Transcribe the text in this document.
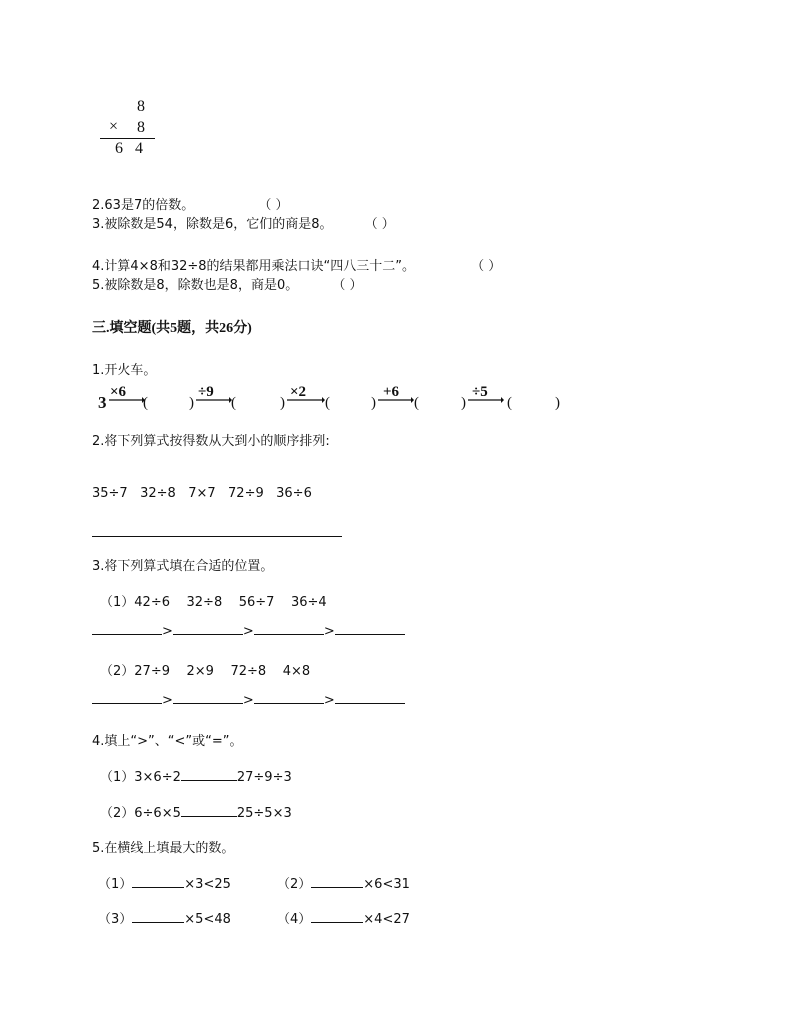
8
× 8
6 4
2.63是7的倍数。	（ ）
3.被除数是54，除数是6，它们的商是8。 （ ）
4.计算4×8和32÷8的结果都用乘法口诀“四八三十二”。	（ ）
5.被除数是8，除数也是8，商是0。	（ ）
三.填空题(共5题，共26分)
1.开火车。
3
×6
(	)
÷9
(	)
×2
(	)
+6
(	)
÷5
(	)
2.将下列算式按得数从大到小的顺序排列:
35÷7   32÷8   7×7   72÷9   36÷6
3.将下列算式填在合适的位置。
（1）42÷6    32÷8    56÷7    36÷4
>	>	>
（2）27÷9    2×9    72÷8    4×8
>	>	>
4.填上“>”、“<”或“=”。
（1）3×6÷2	27÷9÷3
（2）6÷6×5	25÷5×3
5.在横线上填最大的数。
（1）	×3<25	（2）	×6<31
（3）	×5<48	（4）	×4<27
